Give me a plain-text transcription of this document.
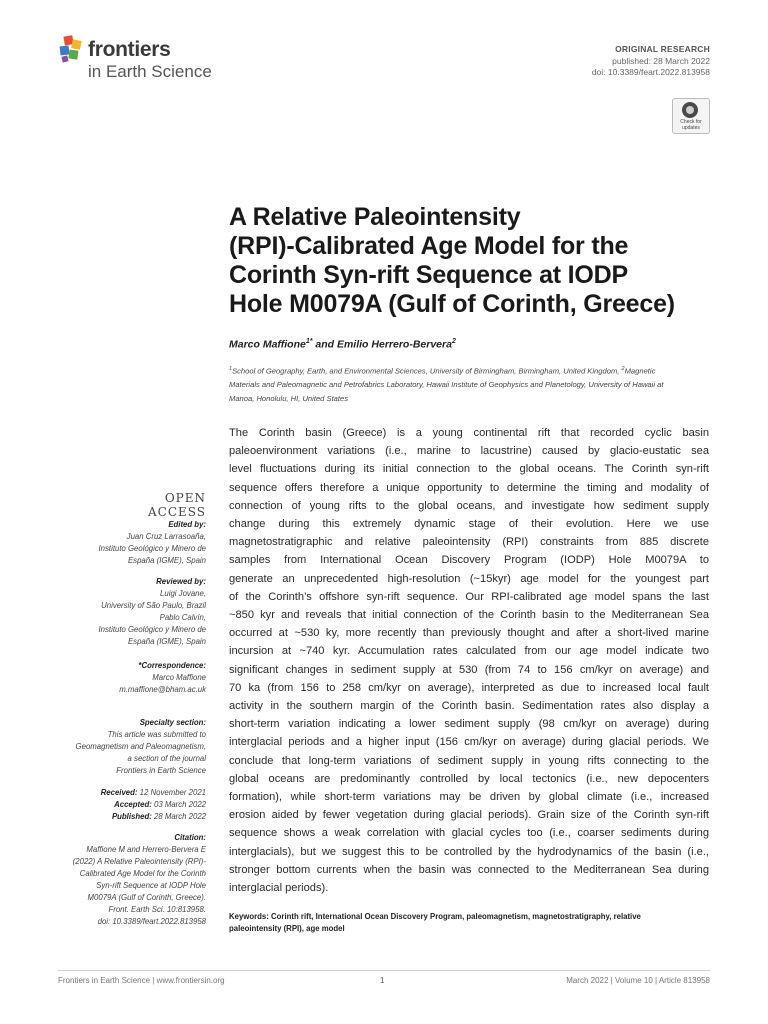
frontiers
in Earth Science
ORIGINAL RESEARCH
published: 28 March 2022
doi: 10.3389/feart.2022.813958
Check for updates
A Relative Paleointensity
(RPI)-Calibrated Age Model for the
Corinth Syn-rift Sequence at IODP
Hole M0079A (Gulf of Corinth, Greece)
Marco Maffione$^{1*}$ and Emilio Herrero-Bervera$^2$
$^1$School of Geography, Earth, and Environmental Sciences, University of Birmingham, Birmingham, United Kingdom, $^2$Magnetic
Materials and Paleomagnetic and Petrofabrics Laboratory, Hawaii Institute of Geophysics and Planetology, University of Hawaii at
Manoa, Honolulu, HI, United States
The Corinth basin (Greece) is a young continental rift that recorded cyclic basin
paleoenvironment variations (i.e., marine to lacustrine) caused by glacio-eustatic sea
level fluctuations during its initial connection to the global oceans. The Corinth syn-rift
sequence offers therefore a unique opportunity to determine the timing and modality of
connection of young rifts to the global oceans, and investigate how sediment supply
change during this extremely dynamic stage of their evolution. Here we use
magnetostratigraphic and relative paleointensity (RPI) constraints from 885 discrete
samples from International Ocean Discovery Program (IODP) Hole M0079A to
generate an unprecedented high-resolution (~15kyr) age model for the youngest part
of the Corinth’s offshore syn-rift sequence. Our RPI-calibrated age model spans the last
~850 kyr and reveals that initial connection of the Corinth basin to the Mediterranean Sea
occurred at ~530 ky, more recently than previously thought and after a short-lived marine
incursion at ~740 kyr. Accumulation rates calculated from our age model indicate two
significant changes in sediment supply at 530 (from 74 to 156 cm/kyr on average) and
70 ka (from 156 to 258 cm/kyr on average), interpreted as due to increased local fault
activity in the southern margin of the Corinth basin. Sedimentation rates also display a
short-term variation indicating a lower sediment supply (98 cm/kyr on average) during
interglacial periods and a higher input (156 cm/kyr on average) during glacial periods. We
conclude that long-term variations of sediment supply in young rifts connecting to the
global oceans are predominantly controlled by local tectonics (i.e., new depocenters
formation), while short-term variations may be driven by global climate (i.e., increased
erosion aided by fewer vegetation during glacial periods). Grain size of the Corinth syn-rift
sequence shows a weak correlation with glacial cycles too (i.e., coarser sediments during
interglacials), but we suggest this to be controlled by the hydrodynamics of the basin (i.e.,
stronger bottom currents when the basin was connected to the Mediterranean Sea during
interglacial periods).
Keywords: Corinth rift, International Ocean Discovery Program, paleomagnetism, magnetostratigraphy, relative
paleointensity (RPI), age model
OPEN ACCESS
Edited by:
Juan Cruz Larrasoaña,
Instituto Geológico y Minero de
España (IGME), Spain
Reviewed by:
Luigi Jovane,
University of São Paulo, Brazil
Pablo Calvín,
Instituto Geológico y Minero de
España (IGME), Spain
*Correspondence:
Marco Maffione
m.maffione@bham.ac.uk
Specialty section:
This article was submitted to
Geomagnetism and Paleomagnetism,
a section of the journal
Frontiers in Earth Science
Received: 12 November 2021
Accepted: 03 March 2022
Published: 28 March 2022
Citation:
Maffione M and Herrero-Bervera E
(2022) A Relative Paleointensity (RPI)-
Calibrated Age Model for the Corinth
Syn-rift Sequence at IODP Hole
M0079A (Gulf of Corinth, Greece).
Front. Earth Sci. 10:813958.
doi: 10.3389/feart.2022.813958
Frontiers in Earth Science | www.frontiersin.org	1	March 2022 | Volume 10 | Article 813958
